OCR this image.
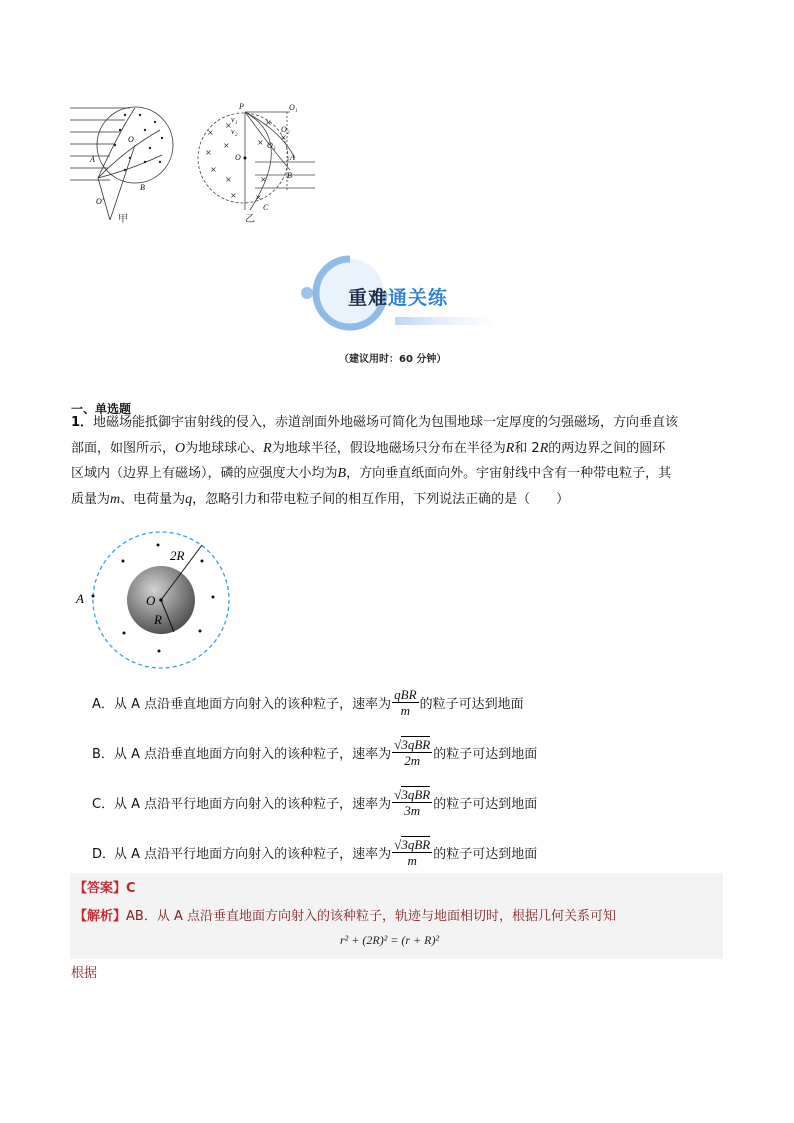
O
A
B
O'
甲
×
×	×
×
×
×	×
×
×	×
× ×
P	O 1
O 2
O 3
O	A
B
C
v 1
v 2
乙
重难通关练
（建议用时：60 分钟）
一、单选题
1．地磁场能抵御宇宙射线的侵入，赤道剖面外地磁场可简化为包围地球一定厚度的匀强磁场，方向垂直该
部面，如图所示，O为地球球心、R为地球半径，假设地磁场只分布在半径为R和 2R的两边界之间的圆环
区域内（边界上有磁场），磷的应强度大小均为B，方向垂直纸面向外。宇宙射线中含有一种带电粒子，其
质量为m、电荷量为q，忽略引力和带电粒子间的相互作用，下列说法正确的是（　　）
2R
O
R
A
A． 从 A 点沿垂直地面方向射入的该种粒子，速率为 $\frac{\text{qBR}}{m}$ 的粒子可达到地面
B． 从 A 点沿垂直地面方向射入的该种粒子，速率为 $\frac{\text{√3qBR}}{2m}$ 的粒子可达到地面
C． 从 A 点沿平行地面方向射入的该种粒子，速率为 $\frac{\text{√3qBR}}{3m}$ 的粒子可达到地面
D．
从 A 点沿平行地面方向射入的该种粒子，速率为 $\frac{\text{√3qBR}}{m}$ 的粒子可达到地面
【答案】C
【解析】AB．从 A 点沿垂直地面方向射入的该种粒子，轨迹与地面相切时，根据几何关系可知
r² + (2R)² = (r + R)²
根据
